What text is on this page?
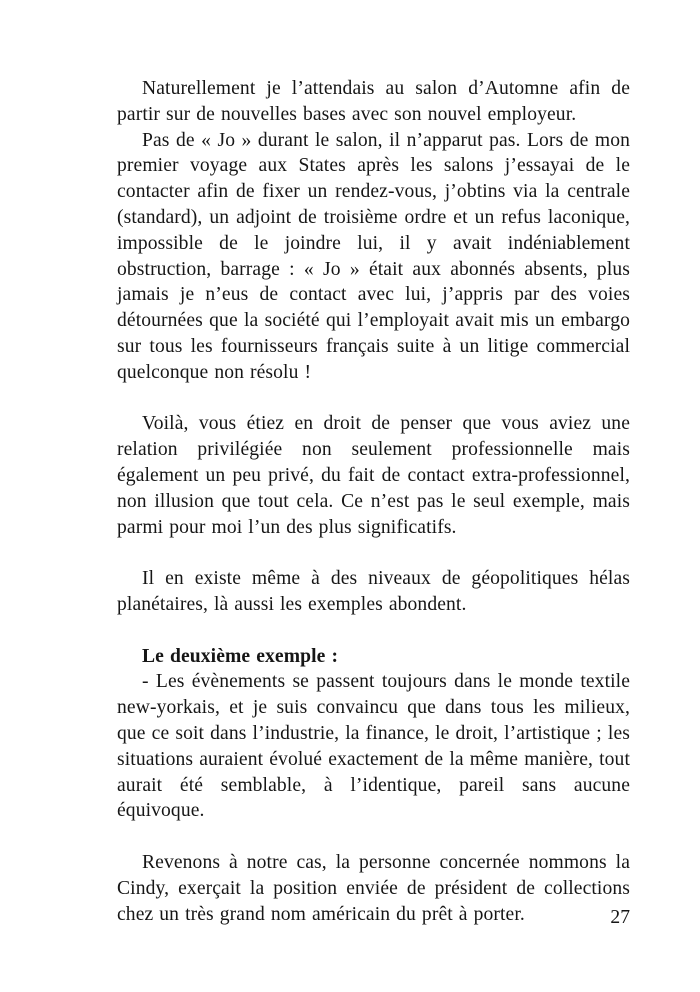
Naturellement je l’attendais au salon d’Automne afin de partir sur de nouvelles bases avec son nouvel employeur.

Pas de « Jo » durant le salon, il n’apparut pas. Lors de mon premier voyage aux States après les salons j’essayai de le contacter afin de fixer un rendez-vous, j’obtins via la centrale (standard), un adjoint de troisième ordre et un refus laconique, impossible de le joindre lui, il y avait indéniablement obstruction, barrage : « Jo » était aux abonnés absents, plus jamais je n’eus de contact avec lui, j’appris par des voies détournées que la société qui l’employait avait mis un embargo sur tous les fournisseurs français suite à un litige commercial quelconque non résolu !

Voilà, vous étiez en droit de penser que vous aviez une relation privilégiée non seulement professionnelle mais également un peu privé, du fait de contact extra-professionnel, non illusion que tout cela. Ce n’est pas le seul exemple, mais parmi pour moi l’un des plus significatifs.

Il en existe même à des niveaux de géopolitiques hélas planétaires, là aussi les exemples abondent.

Le deuxième exemple :

- Les évènements se passent toujours dans le monde textile new-yorkais, et je suis convaincu que dans tous les milieux, que ce soit dans l’industrie, la finance, le droit, l’artistique ; les situations auraient évolué exactement de la même manière, tout aurait été semblable, à l’identique, pareil sans aucune équivoque.

Revenons à notre cas, la personne concernée nommons la Cindy, exerçait la position enviée de président de collections chez un très grand nom américain du prêt à porter.	27
